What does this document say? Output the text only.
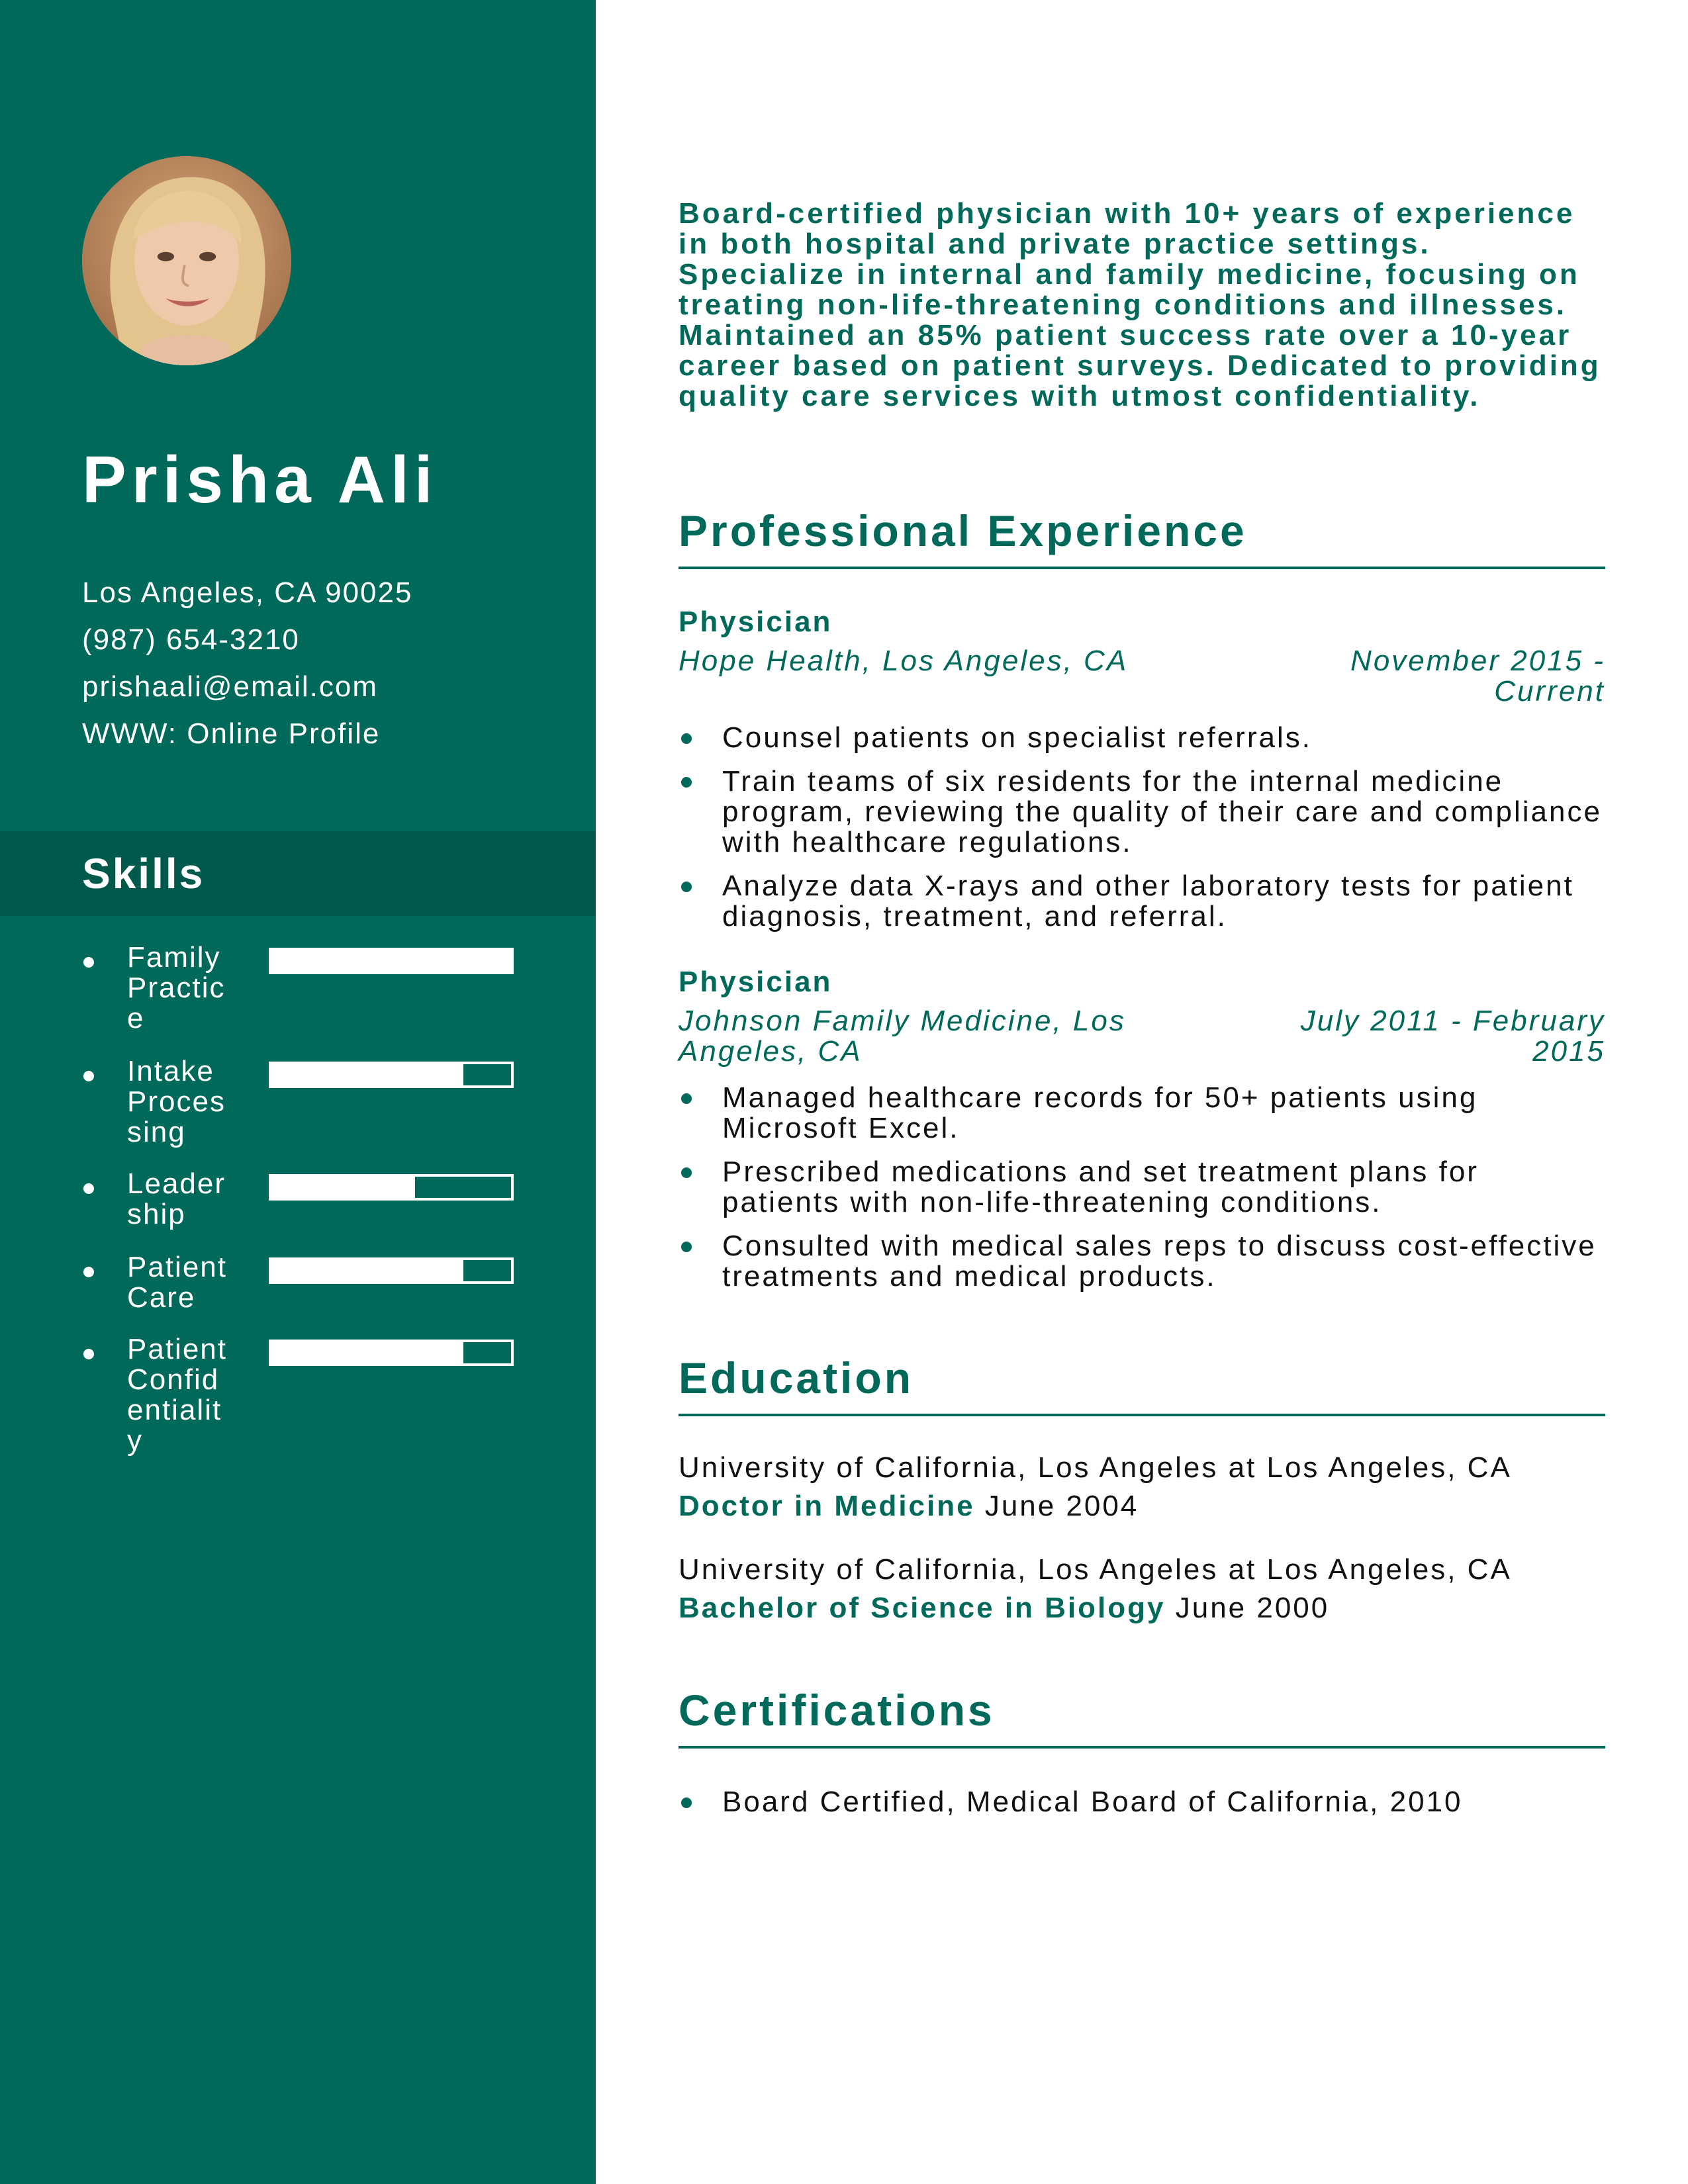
Prisha Ali
Los Angeles, CA 90025
(987) 654-3210
prishaali@email.com
WWW: Online Profile
Skills
Family Practice
Intake Processing
Leadership
Patient Care
Patient Confidentiality

Board-certified physician with 10+ years of experience in both hospital and private practice settings. Specialize in internal and family medicine, focusing on treating non-life-threatening conditions and illnesses. Maintained an 85% patient success rate over a 10-year career based on patient surveys. Dedicated to providing quality care services with utmost confidentiality.

Professional Experience
Physician
Hope Health, Los Angeles, CA	November 2015 - Current
Counsel patients on specialist referrals.
Train teams of six residents for the internal medicine program, reviewing the quality of their care and compliance with healthcare regulations.
Analyze data X-rays and other laboratory tests for patient diagnosis, treatment, and referral.
Physician
Johnson Family Medicine, Los Angeles, CA
July 2011 - February 2015
Managed healthcare records for 50+ patients using Microsoft Excel.
Prescribed medications and set treatment plans for patients with non-life-threatening conditions.
Consulted with medical sales reps to discuss cost-effective treatments and medical products.
Education
University of California, Los Angeles at Los Angeles, CA
Doctor in Medicine June 2004
University of California, Los Angeles at Los Angeles, CA
Bachelor of Science in Biology June 2000
Certifications
Board Certified, Medical Board of California, 2010
